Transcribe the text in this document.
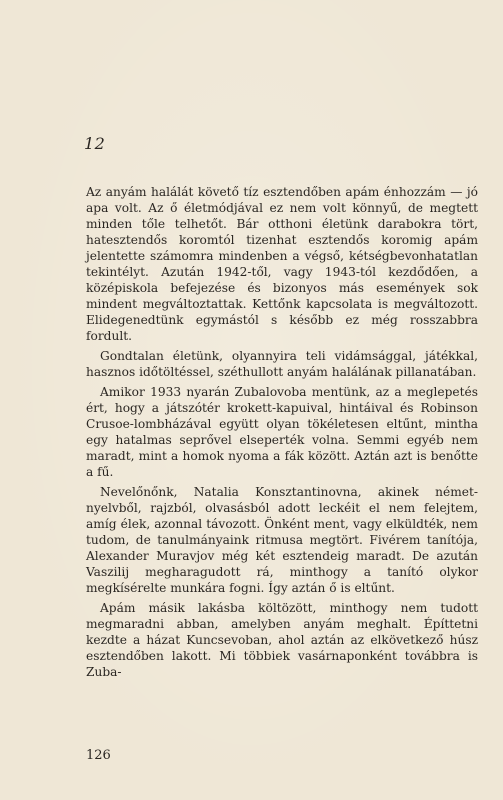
12

Az anyám halálát követő tíz esztendőben apám énhozzám — jó apa volt. Az ő életmódjával ez nem volt könnyű, de megtett minden tőle telhetőt. Bár otthoni életünk darabokra tört, hatesztendős koromtól tizenhat esztendős koromig apám jelentette számomra mindenben a végső, kétségbevonhatatlan tekintélyt. Azután 1942-től, vagy 1943-tól kezdődően, a középiskola befejezése és bizonyos más események sok mindent megváltoztattak. Kettőnk kapcsolata is megváltozott. Elidegenedtünk egymástól s később ez még rosszabbra fordult.

Gondtalan életünk, olyannyira teli vidámsággal, játékkal, hasznos időtöltéssel, széthullott anyám halálának pillanatában.

Amikor 1933 nyarán Zubalovoba mentünk, az a meglepetés ért, hogy a játszótér krokett-kapuival, hintáival és Robinson Crusoe-lombházával együtt olyan tökéletesen eltűnt, mintha egy hatalmas seprővel elseperték volna. Semmi egyéb nem maradt, mint a homok nyoma a fák között. Aztán azt is benőtte a fű.

Nevelőnőnk, Natalia Konsztantinovna, akinek német-nyelvből, rajzból, olvasásból adott leckéit el nem felejtem, amíg élek, azonnal távozott. Önként ment, vagy elküldték, nem tudom, de tanulmányaink ritmusa megtört. Fivérem tanítója, Alexander Muravjov még két esztendeig maradt. De azután Vaszilij megharagudott rá, minthogy a tanító olykor megkísérelte munkára fogni. Így aztán ő is eltűnt.

Apám másik lakásba költözött, minthogy nem tudott megmaradni abban, amelyben anyám meghalt. Építtetni kezdte a házat Kuncsevoban, ahol aztán az elkövetkező húsz esztendőben lakott. Mi többiek vasárnaponként továbbra is Zuba-

126
